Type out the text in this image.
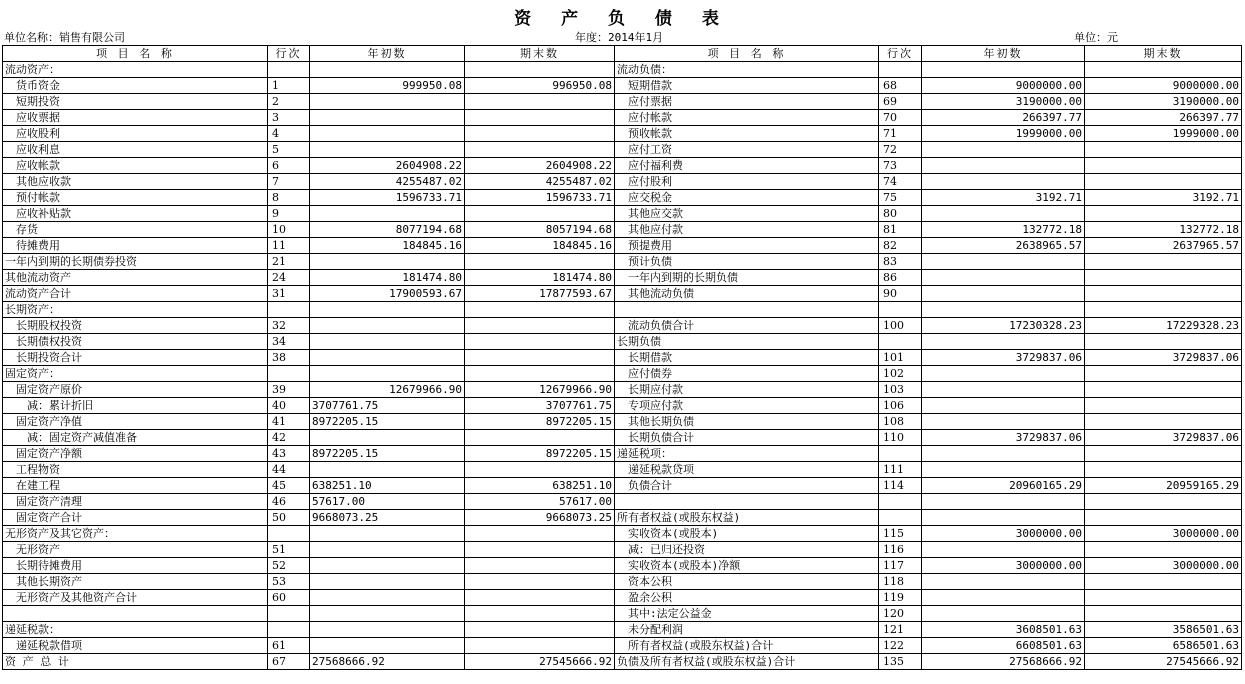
资 产 负 债 表
单位名称：销售有限公司	年度：2014年1月	单位：元
项 目 名 称	行次	年初数	期末数	项 目 名 称	行次	年初数	期末数
流动资产：				流动负债：			
　货币资金	1	999950.08	996950.08	　短期借款	68	9000000.00	9000000.00
　短期投资	2			　应付票据	69	3190000.00	3190000.00
　应收票据	3			　应付帐款	70	266397.77	266397.77
　应收股利	4			　预收帐款	71	1999000.00	1999000.00
　应收利息	5			　应付工资	72		
　应收帐款	6	2604908.22	2604908.22	　应付福利费	73		
　其他应收款	7	4255487.02	4255487.02	　应付股利	74		
　预付帐款	8	1596733.71	1596733.71	　应交税金	75	3192.71	3192.71
　应收补贴款	9			　其他应交款	80		
　存货	10	8077194.68	8057194.68	　其他应付款	81	132772.18	132772.18
　待摊费用	11	184845.16	184845.16	　预提费用	82	2638965.57	2637965.57
一年内到期的长期债券投资	21			　预计负债	83		
其他流动资产	24	181474.80	181474.80	　一年内到期的长期负债	86		
流动资产合计	31	17900593.67	17877593.67	　其他流动负债	90		
长期资产：							
　长期股权投资	32			　流动负债合计	100	17230328.23	17229328.23
　长期债权投资	34			长期负债			
　长期投资合计	38			　长期借款	101	3729837.06	3729837.06
固定资产：				　应付债券	102		
　固定资产原价	39	12679966.90	12679966.90	　长期应付款	103		
　　减：累计折旧	40	3707761.75	3707761.75	　专项应付款	106		
　固定资产净值	41	8972205.15	8972205.15	　其他长期负债	108		
　　减：固定资产减值准备	42			　长期负债合计	110	3729837.06	3729837.06
　固定资产净额	43	8972205.15	8972205.15	递延税项：			
　工程物资	44			　递延税款贷项	111		
　在建工程	45	638251.10	638251.10	　负债合计	114	20960165.29	20959165.29
　固定资产清理	46	57617.00	57617.00				
　固定资产合计	50	9668073.25	9668073.25	所有者权益(或股东权益)			
无形资产及其它资产：				　实收资本(或股本)	115	3000000.00	3000000.00
　无形资产	51			　减：已归还投资	116		
　长期待摊费用	52			　实收资本(或股本)净额	117	3000000.00	3000000.00
　其他长期资产	53			　资本公积	118		
　无形资产及其他资产合计	60			　盈余公积	119		
				　其中:法定公益金	120		
递延税款：				　未分配利润	121	3608501.63	3586501.63
　递延税款借项	61			　所有者权益(或股东权益)合计	122	6608501.63	6586501.63
资 产 总 计	67	27568666.92	27545666.92	负债及所有者权益(或股东权益)合计	135	27568666.92	27545666.92
